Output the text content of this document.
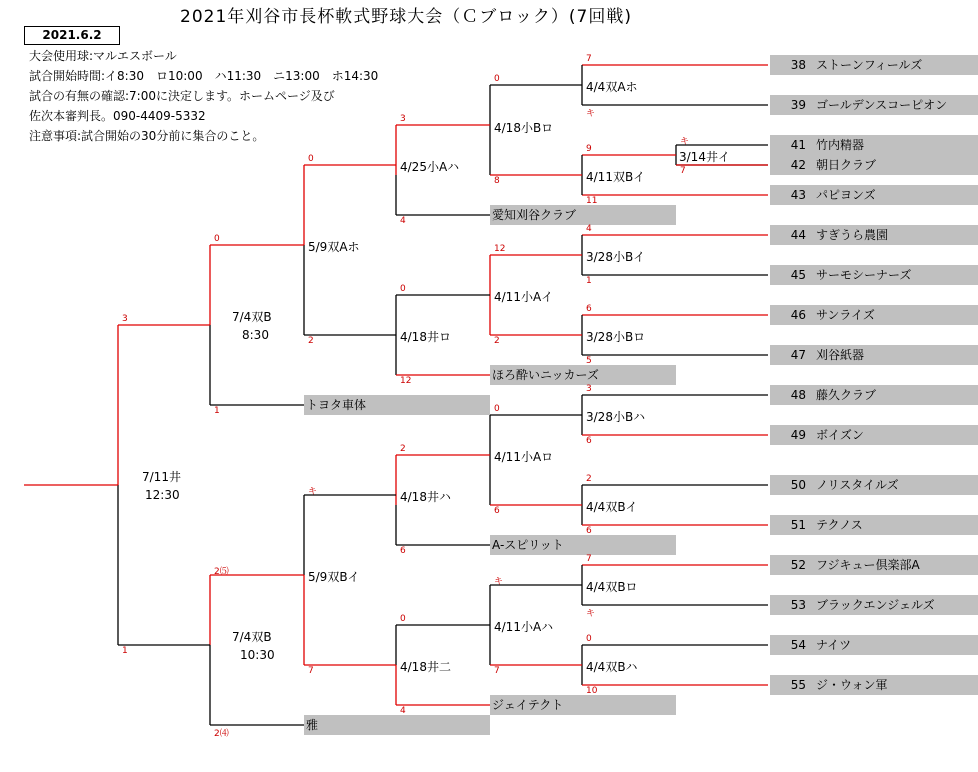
2021年刈谷市長杯軟式野球大会（Ｃブロック）(7回戦)
2021.6.2
大会使用球:マルエスボール
試合開始時間:イ8:30　ロ10:00　ハ11:30　ニ13:00　ホ14:30
試合の有無の確認:7:00に決定します。ホームページ及び
佐次本審判長。090-4409-5332
注意事項:試合開始の30分前に集合のこと。
38 ストーンフィールズ
39 ゴールデンスコーピオン
41 竹内精器
42 朝日クラブ
43 パピヨンズ
44 すぎうら農園
45 サーモシーナーズ
46 サンライズ
47 刈谷紙器
48 藤久クラブ
49 ボイズン
50 ノリスタイルズ
51 テクノス
52 フジキュー倶楽部A
53 ブラックエンジェルズ
54 ナイツ
55 ジ・ウォン軍
愛知刈谷クラブ
ほろ酔いニッカーズ
トヨタ車体
A-スピリット
ジェイテクト
雅
4/4双Aホ
3/14井イ
4/11双Bイ
3/28小Bイ
3/28小Bロ
3/28小Bハ
4/4双Bイ
4/4双Bロ
4/4双Bハ
4/18小Bロ
4/11小Aイ
4/11小Aロ
4/11小Aハ
4/25小Aハ
4/18井ロ
4/18井ハ
4/18井二
5/9双Aホ
5/9双Bイ
7/4双B
8:30
7/4双B
10:30
7/11井
12:30
7
キ
キ
7
9
11
4
1
6
5
3
6
2
6
7
キ
0
10
0
8
12
2
0
6
キ
7
3
4
0
12
2
6
0
4
0
2
キ
7
0
1
2⑸
2⑷
3
1
